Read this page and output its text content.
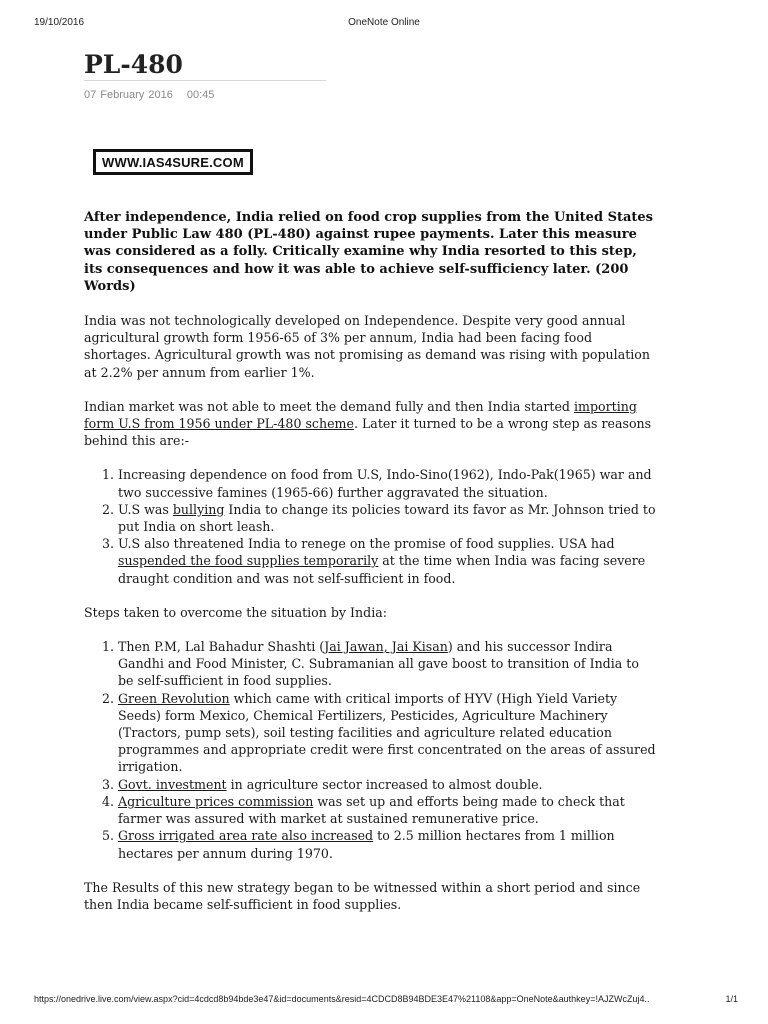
19/10/2016	OneNote Online
PL-480
07 February 2016 00:45
WWW.IAS4SURE.COM

After independence, India relied on food crop supplies from the United States under Public Law 480 (PL-480) against rupee payments. Later this measure was considered as a folly. Critically examine why India resorted to this step, its consequences and how it was able to achieve self-sufficiency later. (200 Words)

India was not technologically developed on Independence. Despite very good annual agricultural growth form 1956-65 of 3% per annum, India had been facing food shortages. Agricultural growth was not promising as demand was rising with population at 2.2% per annum from earlier 1%.

Indian market was not able to meet the demand fully and then India started importing form U.S from 1956 under PL-480 scheme. Later it turned to be a wrong step as reasons behind this are:-

1. Increasing dependence on food from U.S, Indo-Sino(1962), Indo-Pak(1965) war and two successive famines (1965-66) further aggravated the situation.
2. U.S was bullying India to change its policies toward its favor as Mr. Johnson tried to put India on short leash.
3. U.S also threatened India to renege on the promise of food supplies. USA had suspended the food supplies temporarily at the time when India was facing severe draught condition and was not self-sufficient in food.

Steps taken to overcome the situation by India:

1. Then P.M, Lal Bahadur Shashti (Jai Jawan, Jai Kisan) and his successor Indira Gandhi and Food Minister, C. Subramanian all gave boost to transition of India to be self-sufficient in food supplies.
2. Green Revolution which came with critical imports of HYV (High Yield Variety Seeds) form Mexico, Chemical Fertilizers, Pesticides, Agriculture Machinery (Tractors, pump sets), soil testing facilities and agriculture related education programmes and appropriate credit were first concentrated on the areas of assured irrigation.
3. Govt. investment in agriculture sector increased to almost double.
4. Agriculture prices commission was set up and efforts being made to check that farmer was assured with market at sustained remunerative price.
5. Gross irrigated area rate also increased to 2.5 million hectares from 1 million hectares per annum during 1970.

The Results of this new strategy began to be witnessed within a short period and since then India became self-sufficient in food supplies.

https://onedrive.live.com/view.aspx?cid=4cdcd8b94bde3e47&id=documents&resid=4CDCD8B94BDE3E47%21108&app=OneNote&authkey=!AJZWcZuj4..	1/1
